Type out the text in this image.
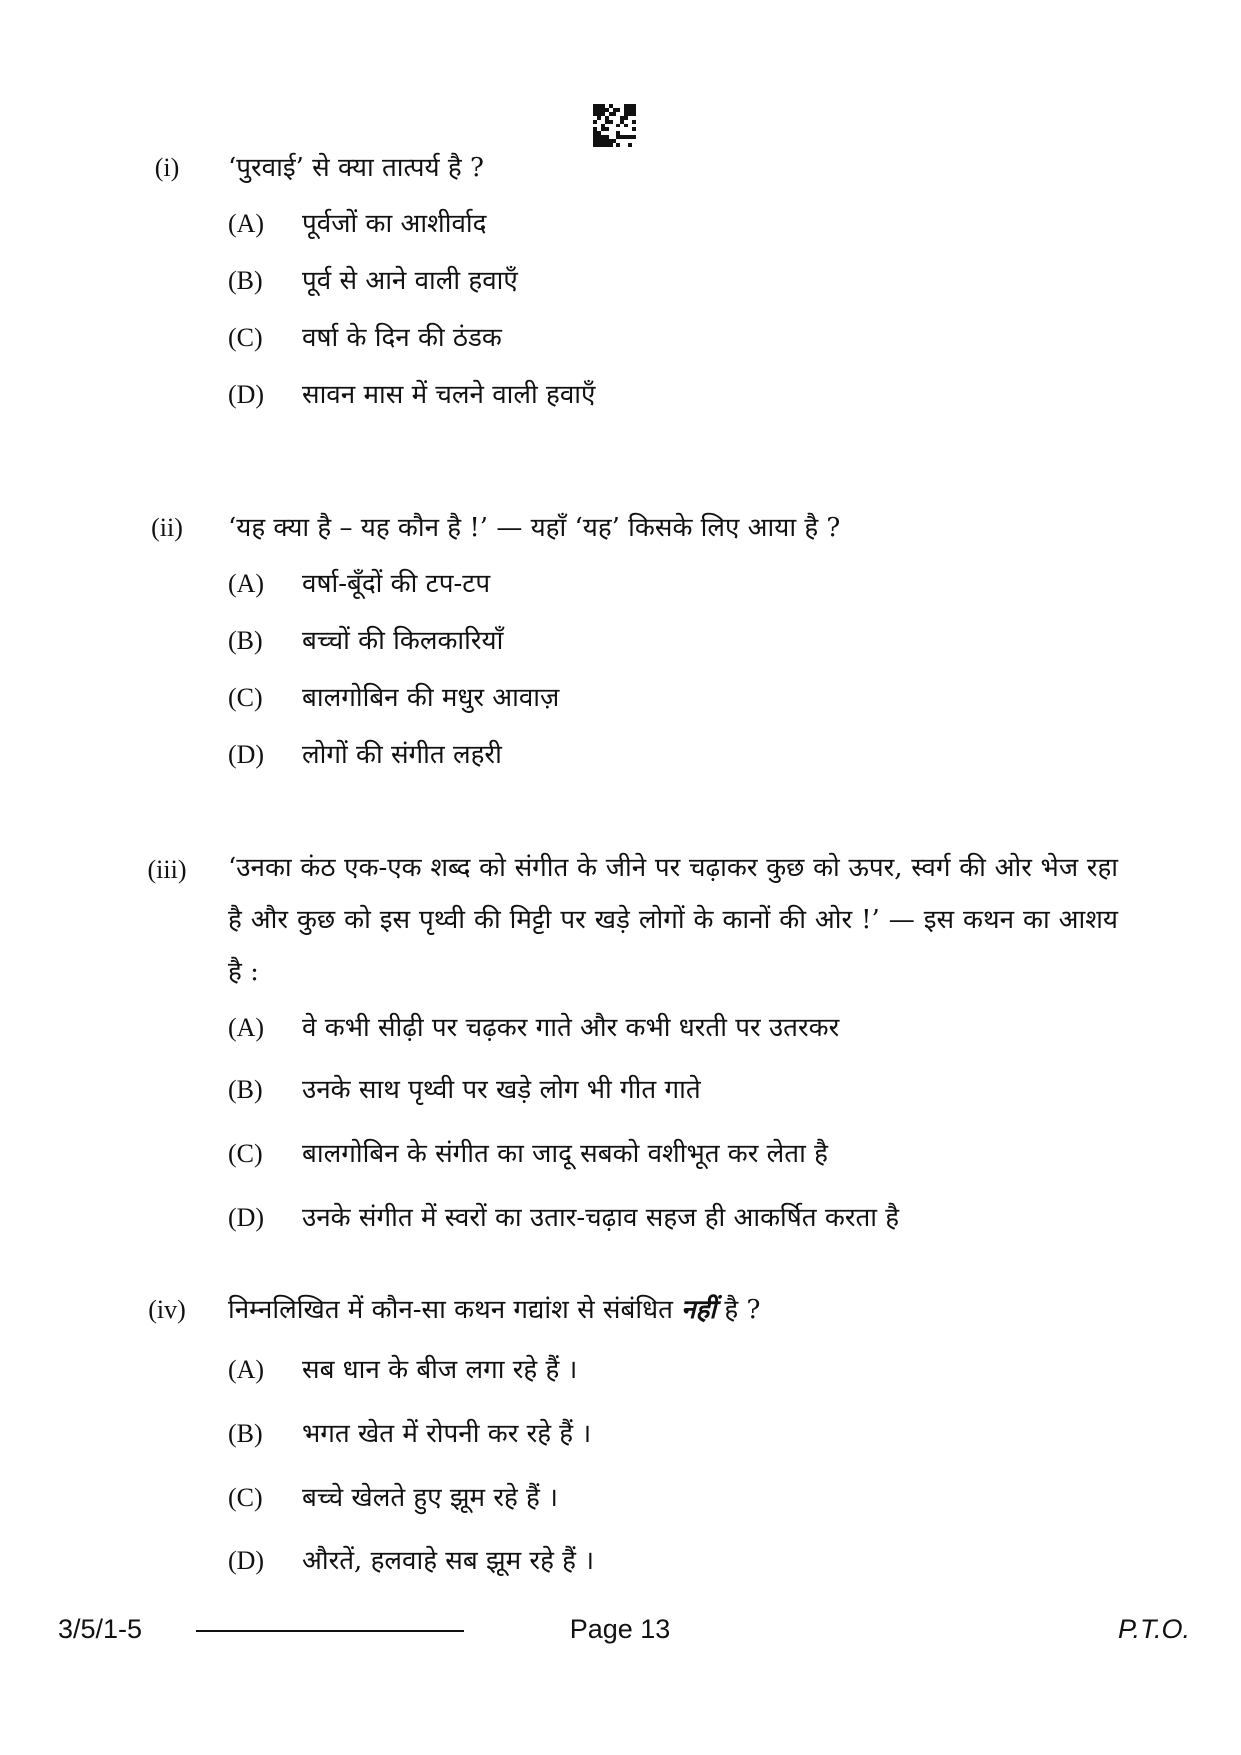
(i)	‘पुरवाई’ से क्या तात्पर्य है ?
(A)	पूर्वजों का आशीर्वाद
(B)	पूर्व से आने वाली हवाएँ
(C)	वर्षा के दिन की ठंडक
(D)	सावन मास में चलने वाली हवाएँ
(ii)	‘यह क्या है – यह कौन है !’ — यहाँ ‘यह’ किसके लिए आया है ?
(A)	वर्षा-बूँदों की टप-टप
(B)	बच्चों की किलकारियाँ
(C)	बालगोबिन की मधुर आवाज़
(D)	लोगों की संगीत लहरी
(iii)	‘उनका कंठ एक-एक शब्द को संगीत के जीने पर चढ़ाकर कुछ को ऊपर, स्वर्ग की ओर भेज रहा है और कुछ को इस पृथ्वी की मिट्टी पर खड़े लोगों के कानों की ओर !’ — इस कथन का आशय है :
(A)	वे कभी सीढ़ी पर चढ़कर गाते और कभी धरती पर उतरकर
(B)	उनके साथ पृथ्वी पर खड़े लोग भी गीत गाते
(C)	बालगोबिन के संगीत का जादू सबको वशीभूत कर लेता है
(D)	उनके संगीत में स्वरों का उतार-चढ़ाव सहज ही आकर्षित करता है
(iv)	निम्नलिखित में कौन-सा कथन गद्यांश से संबंधित नहीं है ?
(A)	सब धान के बीज लगा रहे हैं ।
(B)	भगत खेत में रोपनी कर रहे हैं ।
(C)	बच्चे खेलते हुए झूम रहे हैं ।
(D)	औरतें, हलवाहे सब झूम रहे हैं ।
3/5/1-5	Page 13	P.T.O.
